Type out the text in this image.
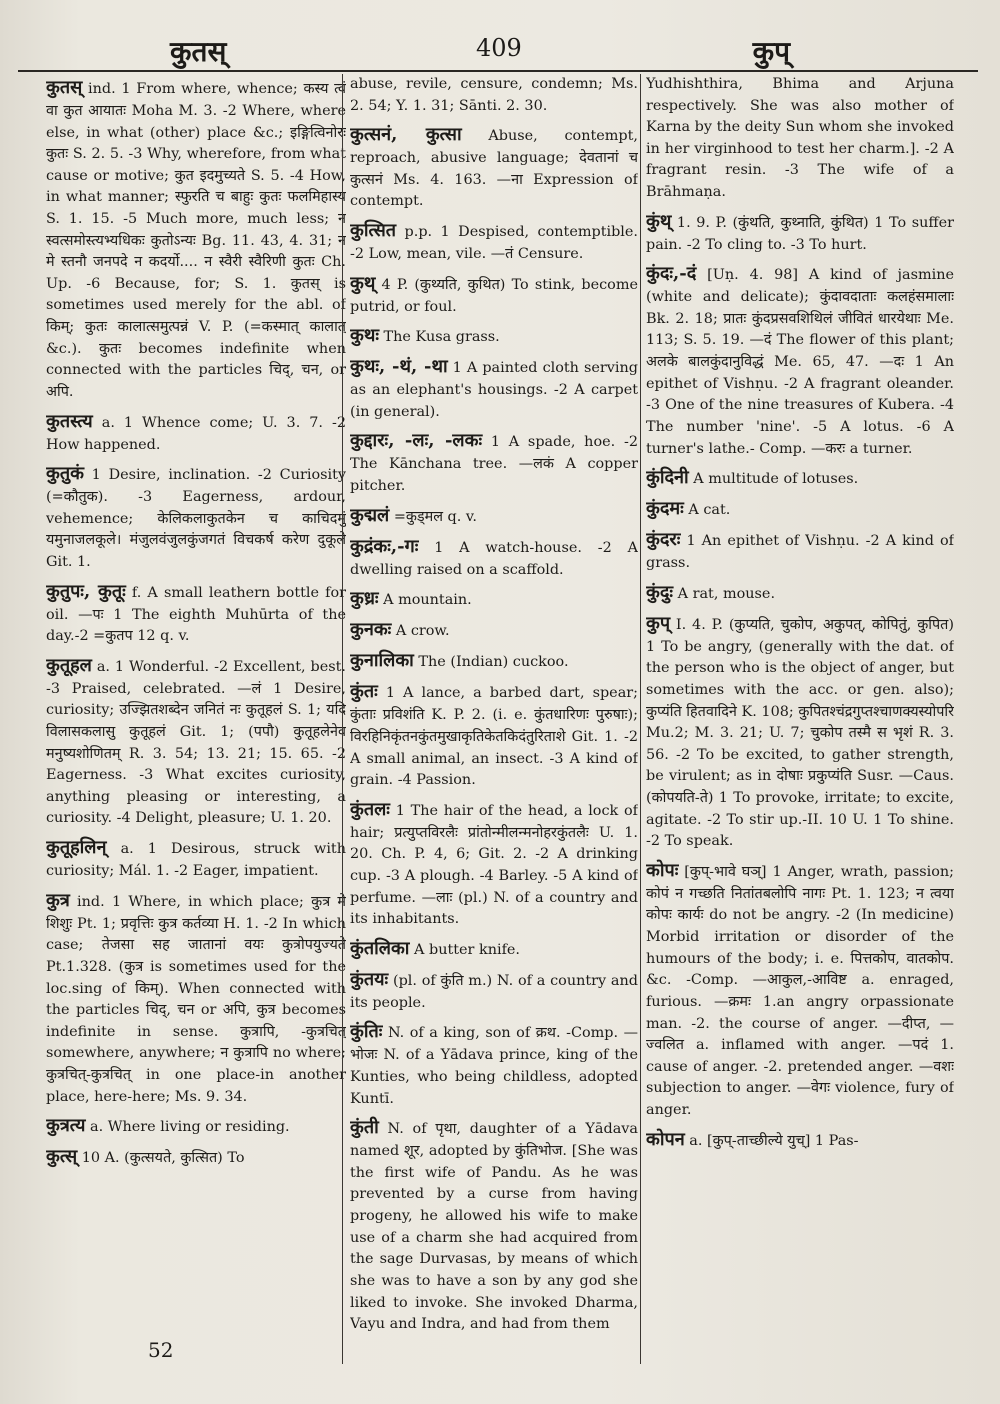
कुतस्	409	कुप्

कुतस् ind. 1 From where, whence; कस्य त्वं वा कुत आयातः Moha M. 3. -2 Where, where else, in what (other) place &c.; इङ्गित्विनोरः कुतः S. 2. 5. -3 Why, wherefore, from what cause or motive; कुत इदमुच्यते S. 5. -4 How, in what manner; स्फुरति च बाहुः कुतः फलमिहास्य S. 1. 15. -5 Much more, much less; न स्वत्समोस्त्यभ्यधिकः कुतोऽन्यः Bg. 11. 43, 4. 31; न मे स्तनौ जनपदे न कदर्यो.... न स्वैरी स्वैरिणी कुतः Ch. Up. -6 Because, for; S. 1. कुतस् is sometimes used merely for the abl. of किम्; कुतः कालात्समुत्पन्नं V. P. (=कस्मात् कालात् &c.). कुतः becomes indefinite when connected with the particles चिद्, चन, or अपि.

कुतस्त्य a. 1 Whence come; U. 3. 7. -2 How happened.

कुतुकं 1 Desire, inclination. -2 Curiosity (=कौतुक). -3 Eagerness, ardour, vehemence; केलिकलाकुतकेन च काचिदमुं यमुनाजलकूले। मंजुलवंजुलकुंजगतं विचकर्ष करेण दुकूले Git. 1.

कुतुपः, कुतूः f. A small leathern bottle for oil. —पः 1 The eighth Muhūrta of the day.-2 =कुतप 12 q. v.

कुतूहल a. 1 Wonderful. -2 Excellent, best. -3 Praised, celebrated. —लं 1 Desire, curiosity; उज्झितशब्देन जनितं नः कुतूहलं S. 1; यदि विलासकलासु कुतूहलं Git. 1; (पपौ) कुतूहलेनेव मनुष्यशोणितम् R. 3. 54; 13. 21; 15. 65. -2 Eagerness. -3 What excites curiosity, anything pleasing or interesting, a curiosity. -4 Delight, pleasure; U. 1. 20.

कुतूहलिन् a. 1 Desirous, struck with curiosity; Mál. 1. -2 Eager, impatient.

कुत्र ind. 1 Where, in which place; कुत्र मे शिशुः Pt. 1; प्रवृत्तिः कुत्र कर्तव्या H. 1. -2 In which case; तेजसा सह जातानां वयः कुत्रोपयुज्यते Pt.1.328. (कुत्र is sometimes used for the loc.sing of किम्). When connected with the particles चिद्, चन or अपि, कुत्र becomes indefinite in sense. कुत्रापि, -कुत्रचित् somewhere, anywhere; न कुत्रापि no where; कुत्रचित्-कुत्रचित् in one place-in another place, here-here; Ms. 9. 34.

कुत्रत्य a. Where living or residing.

कुत्स् 10 A. (कुत्सयते, कुत्सित) To

abuse, revile, censure, condemn; Ms. 2. 54; Y. 1. 31; Sānti. 2. 30.

कुत्सनं, कुत्सा Abuse, contempt, reproach, abusive language; देवतानां च कुत्सनं Ms. 4. 163. —ना Expression of contempt.

कुत्सित p.p. 1 Despised, contemptible. -2 Low, mean, vile. —तं Censure.

कुथ् 4 P. (कुथ्यति, कुथित) To stink, become putrid, or foul.

कुथः The Kusa grass.

कुथः, -थं, -था 1 A painted cloth serving as an elephant's housings. -2 A carpet (in general).

कुद्दारः, -लः, -लकः 1 A spade, hoe. -2 The Kānchana tree. —लकं A copper pitcher.

कुद्मलं =कुड्मल q. v.

कुद्रंकः,-गः 1 A watch-house. -2 A dwelling raised on a scaffold.

कुध्रः A mountain.

कुनकः A crow.

कुनालिका The (Indian) cuckoo.

कुंतः 1 A lance, a barbed dart, spear; कुंताः प्रविशंति K. P. 2. (i. e. कुंतधारिणः पुरुषाः); विरहिनिकृंतनकुंतमुखाकृतिकेतकिदंतुरिताशे Git. 1. -2 A small animal, an insect. -3 A kind of grain. -4 Passion.

कुंतलः 1 The hair of the head, a lock of hair; प्रत्युप्तविरलैः प्रांतोन्मीलन्मनोहरकुंतलैः U. 1. 20. Ch. P. 4, 6; Git. 2. -2 A drinking cup. -3 A plough. -4 Barley. -5 A kind of perfume. —लाः (pl.) N. of a country and its inhabitants.

कुंतलिका A butter knife.

कुंतयः (pl. of कुंति m.) N. of a country and its people.

कुंतिः N. of a king, son of क्रथ. -Comp. —भोजः N. of a Yādava prince, king of the Kunties, who being childless, adopted Kuntī.

कुंती N. of पृथा, daughter of a Yādava named शूर, adopted by कुंतिभोज. [She was the first wife of Pandu. As he was prevented by a curse from having progeny, he allowed his wife to make use of a charm she had acquired from the sage Durvasas, by means of which she was to have a son by any god she liked to invoke. She invoked Dharma, Vayu and Indra, and had from them

Yudhishthira, Bhima and Arjuna respectively. She was also mother of Karna by the deity Sun whom she invoked in her virginhood to test her charm.]. -2 A fragrant resin. -3 The wife of a Brāhmaṇa.

कुंथ् 1. 9. P. (कुंथति, कुथ्नाति, कुंथित) 1 To suffer pain. -2 To cling to. -3 To hurt.

कुंदः,-दं [Uṇ. 4. 98] A kind of jasmine (white and delicate); कुंदावदाताः कलहंसमालाः Bk. 2. 18; प्रातः कुंदप्रसवशिथिलं जीवितं धारयेथाः Me. 113; S. 5. 19. —दं The flower of this plant; अलके बालकुंदानुविद्धं Me. 65, 47. —दः 1 An epithet of Vishṇu. -2 A fragrant oleander. -3 One of the nine treasures of Kubera. -4 The number 'nine'. -5 A lotus. -6 A turner's lathe.- Comp. —करः a turner.

कुंदिनी A multitude of lotuses.

कुंदमः A cat.

कुंदरः 1 An epithet of Vishṇu. -2 A kind of grass.

कुंदुः A rat, mouse.

कुप् I. 4. P. (कुप्यति, चुकोप, अकुपत्, कोपितुं, कुपित) 1 To be angry, (generally with the dat. of the person who is the object of anger, but sometimes with the acc. or gen. also); कुप्यंति हितवादिने K. 108; कुपितश्चंद्रगुप्तश्चाणक्यस्योपरि Mu.2; M. 3. 21; U. 7; चुकोप तस्मै स भृशं R. 3. 56. -2 To be excited, to gather strength, be virulent; as in दोषाः प्रकुप्यंति Susr. —Caus. (कोपयति-ते) 1 To provoke, irritate; to excite, agitate. -2 To stir up.-II. 10 U. 1 To shine. -2 To speak.

कोपः [कुप्-भावे घञ्] 1 Anger, wrath, passion; कोपं न गच्छति नितांतबलोपि नागः Pt. 1. 123; न त्वया कोपः कार्यः do not be angry. -2 (In medicine) Morbid irritation or disorder of the humours of the body; i. e. पित्तकोप, वातकोप. &c. -Comp. —आकुल,-आविष्ट a. enraged, furious. —क्रमः 1.an angry orpassionate man. -2. the course of anger. —दीप्त, —ज्वलित a. inflamed with anger. —पदं 1. cause of anger. -2. pretended anger. —वशः subjection to anger. —वेगः violence, fury of anger.

कोपन a. [कुप्-ताच्छील्ये युच्] 1 Pas-

52
